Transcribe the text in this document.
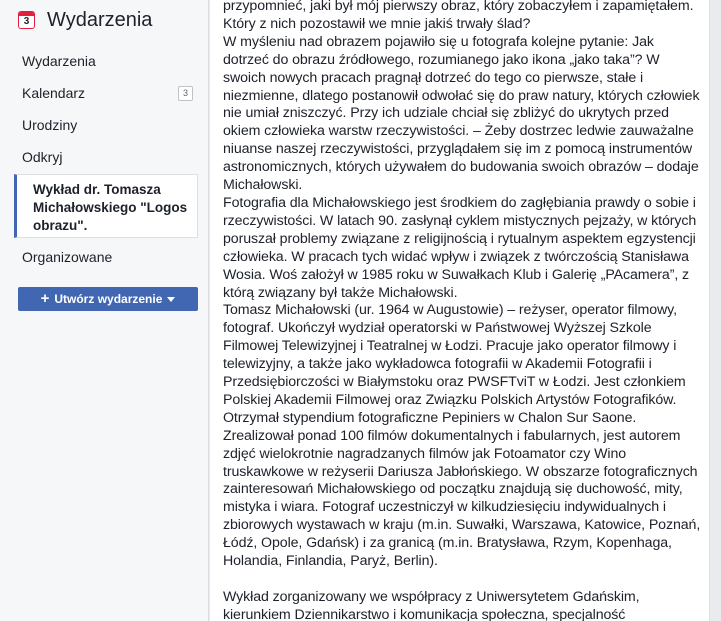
3 Wydarzenia
Wydarzenia
Kalendarz	3
Urodziny
Odkryj
Wykład dr. Tomasza Michałowskiego "Logos obrazu".
Organizowane
+ Utwórz wydarzenie

przypomnieć, jaki był mój pierwszy obraz, który zobaczyłem i zapamiętałem. Który z nich pozostawił we mnie jakiś trwały ślad?

W myśleniu nad obrazem pojawiło się u fotografa kolejne pytanie: Jak dotrzeć do obrazu źródłowego, rozumianego jako ikona „jako taka”? W swoich nowych pracach pragnął dotrzeć do tego co pierwsze, stałe i niezmienne, dlatego postanowił odwołać się do praw natury, których człowiek nie umiał zniszczyć. Przy ich udziale chciał się zbliżyć do ukrytych przed okiem człowieka warstw rzeczywistości. – Żeby dostrzec ledwie zauważalne niuanse naszej rzeczywistości, przyglądałem się im z pomocą instrumentów astronomicznych, których używałem do budowania swoich obrazów – dodaje Michałowski.

Fotografia dla Michałowskiego jest środkiem do zagłębiania prawdy o sobie i rzeczywistości. W latach 90. zasłynął cyklem mistycznych pejzaży, w których poruszał problemy związane z religijnością i rytualnym aspektem egzystencji człowieka. W pracach tych widać wpływ i związek z twórczością Stanisława Wosia. Woś założył w 1985 roku w Suwałkach Klub i Galerię „PAcamera”, z którą związany był także Michałowski.

Tomasz Michałowski (ur. 1964 w Augustowie) – reżyser, operator filmowy, fotograf. Ukończył wydział operatorski w Państwowej Wyższej Szkole Filmowej Telewizyjnej i Teatralnej w Łodzi. Pracuje jako operator filmowy i telewizyjny, a także jako wykładowca fotografii w Akademii Fotografii i Przedsiębiorczości w Białymstoku oraz PWSFTviT w Łodzi. Jest członkiem Polskiej Akademii Filmowej oraz Związku Polskich Artystów Fotografików. Otrzymał stypendium fotograficzne Pepiniers w Chalon Sur Saone. Zrealizował ponad 100 filmów dokumentalnych i fabularnych, jest autorem zdjęć wielokrotnie nagradzanych filmów jak Fotoamator czy Wino truskawkowe w reżyserii Dariusza Jabłońskiego. W obszarze fotograficznych zainteresowań Michałowskiego od początku znajdują się duchowość, mity, mistyka i wiara. Fotograf uczestniczył w kilkudziesięciu indywidualnych i zbiorowych wystawach w kraju (m.in. Suwałki, Warszawa, Katowice, Poznań, Łódź, Opole, Gdańsk) i za granicą (m.in. Bratysława, Rzym, Kopenhaga, Holandia, Finlandia, Paryż, Berlin).

Wykład zorganizowany we współpracy z Uniwersytetem Gdańskim, kierunkiem Dziennikarstwo i komunikacja społeczna, specjalność
